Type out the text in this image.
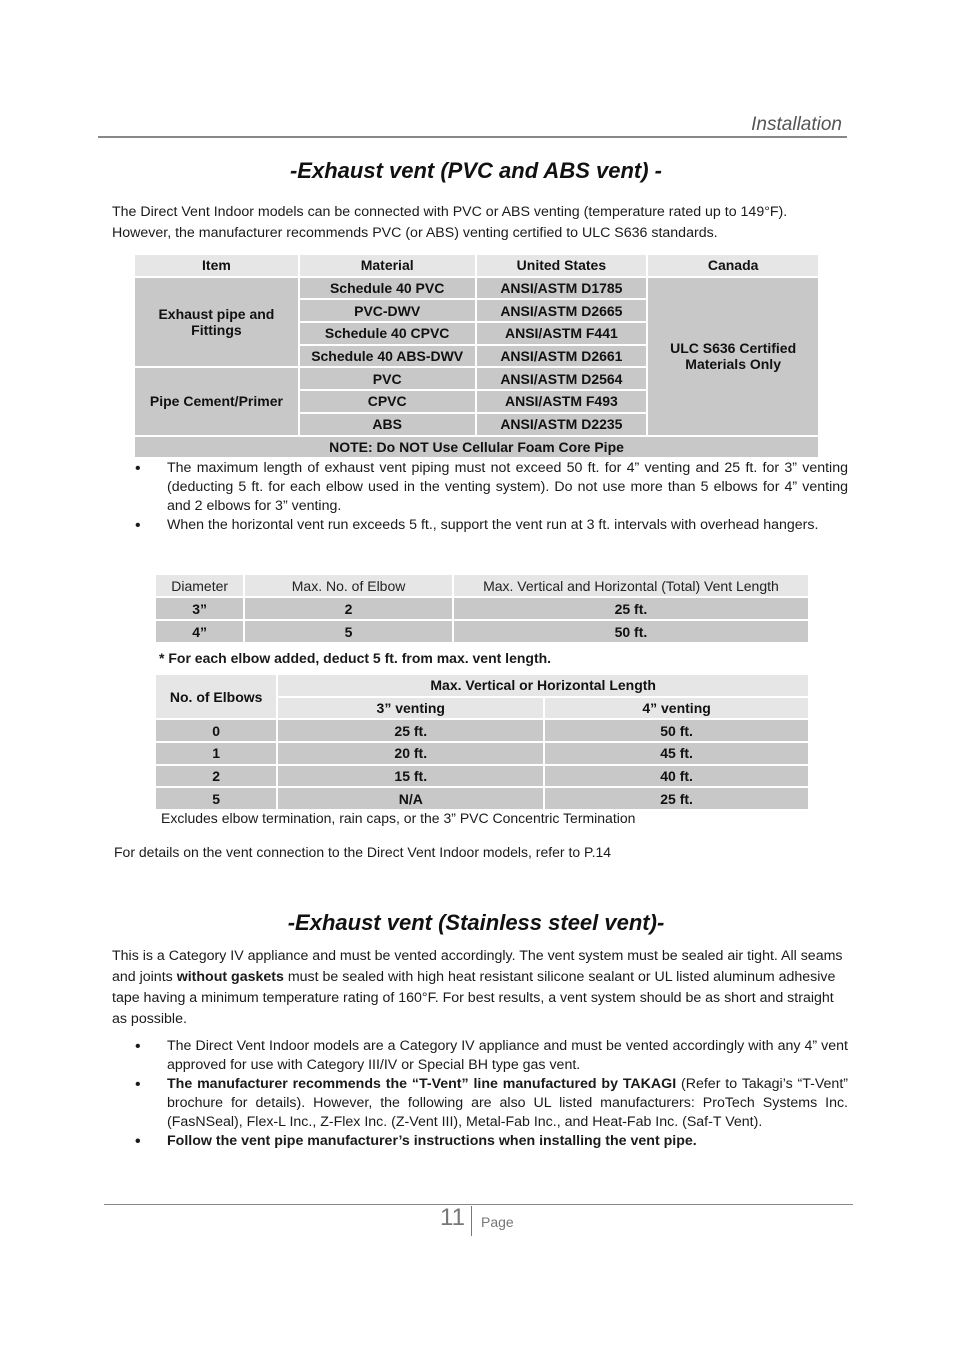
Installation
-Exhaust vent (PVC and ABS vent) -
The Direct Vent Indoor models can be connected with PVC or ABS venting (temperature rated up to 149°F). However, the manufacturer recommends PVC (or ABS) venting certified to ULC S636 standards.
Item	Material	United States	Canada
Exhaust pipe and Fittings	Schedule 40 PVC	ANSI/ASTM D1785	ULC S636 Certified Materials Only
	PVC-DWV	ANSI/ASTM D2665	
	Schedule 40 CPVC	ANSI/ASTM F441	
	Schedule 40 ABS-DWV	ANSI/ASTM D2661	
Pipe Cement/Primer	PVC	ANSI/ASTM D2564	
	CPVC	ANSI/ASTM F493	
	ABS	ANSI/ASTM D2235	
NOTE: Do NOT Use Cellular Foam Core Pipe			
• The maximum length of exhaust vent piping must not exceed 50 ft. for 4” venting and 25 ft. for 3” venting (deducting 5 ft. for each elbow used in the venting system). Do not use more than 5 elbows for 4” venting and 2 elbows for 3” venting.
• When the horizontal vent run exceeds 5 ft., support the vent run at 3 ft. intervals with overhead hangers.
Diameter	Max. No. of Elbow	Max. Vertical and Horizontal (Total) Vent Length
3”	2	25 ft.
4”	5	50 ft.
* For each elbow added, deduct 5 ft. from max. vent length.
No. of Elbows	Max. Vertical or Horizontal Length	
	3” venting	4” venting
0	25 ft.	50 ft.
1	20 ft.	45 ft.
2	15 ft.	40 ft.
5	N/A	25 ft.
Excludes elbow termination, rain caps, or the 3” PVC Concentric Termination
For details on the vent connection to the Direct Vent Indoor models, refer to P.14
-Exhaust vent (Stainless steel vent)-
This is a Category IV appliance and must be vented accordingly. The vent system must be sealed air tight. All seams and joints without gaskets must be sealed with high heat resistant silicone sealant or UL listed aluminum adhesive tape having a minimum temperature rating of 160°F. For best results, a vent system should be as short and straight as possible.
• The Direct Vent Indoor models are a Category IV appliance and must be vented accordingly with any 4” vent approved for use with Category III/IV or Special BH type gas vent.
• The manufacturer recommends the “T-Vent” line manufactured by TAKAGI (Refer to Takagi’s “T-Vent” brochure for details). However, the following are also UL listed manufacturers: ProTech Systems Inc. (FasNSeal), Flex-L Inc., Z-Flex Inc. (Z-Vent III), Metal-Fab Inc., and Heat-Fab Inc. (Saf-T Vent).
• Follow the vent pipe manufacturer’s instructions when installing the vent pipe.
11 Page
